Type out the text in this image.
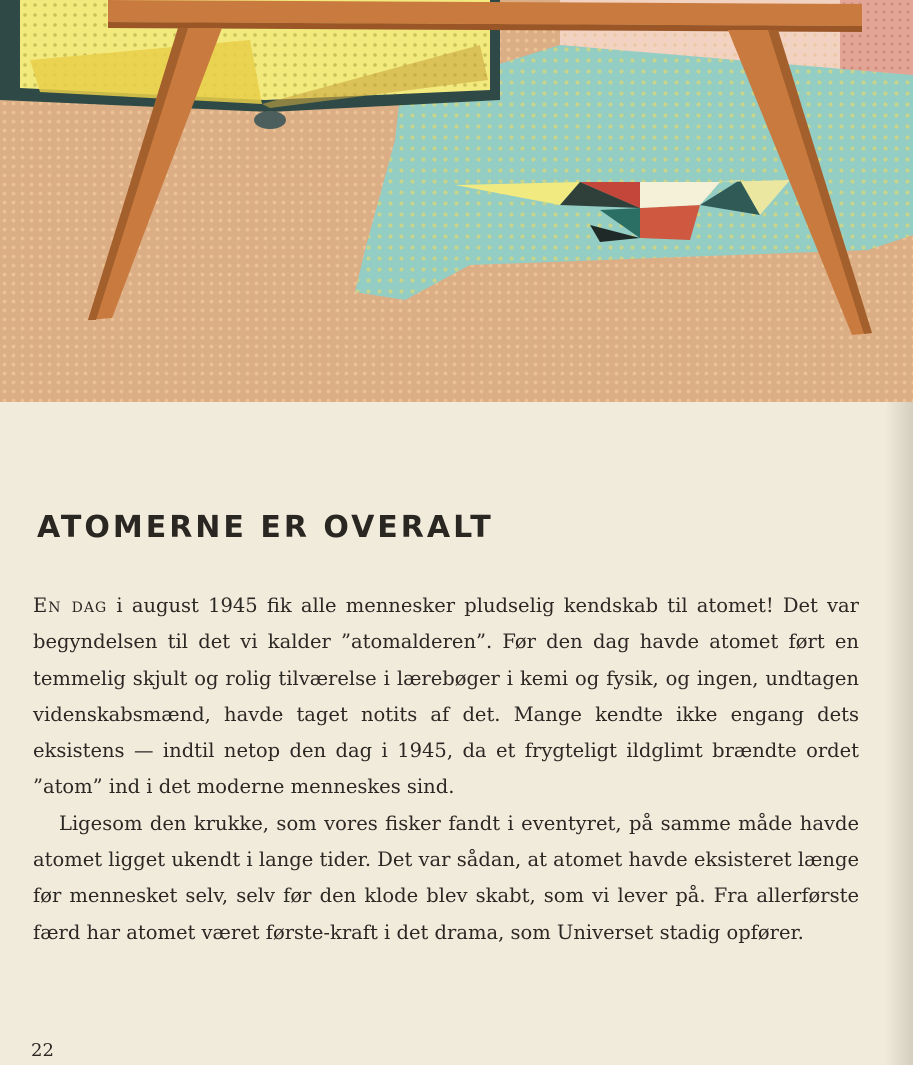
ATOMERNE ER OVERALT

En dag i august 1945 fik alle mennesker pludselig kendskab til atomet! Det var begyndelsen til det vi kalder ”atomalderen”. Før den dag havde atomet ført en temmelig skjult og rolig tilværelse i lærebøger i kemi og fysik, og ingen, undtagen videnskabsmænd, havde taget notits af det. Mange kendte ikke engang dets eksistens — indtil netop den dag i 1945, da et frygteligt ildglimt brændte ordet ”atom” ind i det moderne menneskes sind.

Ligesom den krukke, som vores fisker fandt i eventyret, på samme måde havde atomet ligget ukendt i lange tider. Det var sådan, at atomet havde eksisteret længe før mennesket selv, selv før den klode blev skabt, som vi lever på. Fra allerførste færd har atomet været første-kraft i det drama, som Universet stadig opfører.

22
